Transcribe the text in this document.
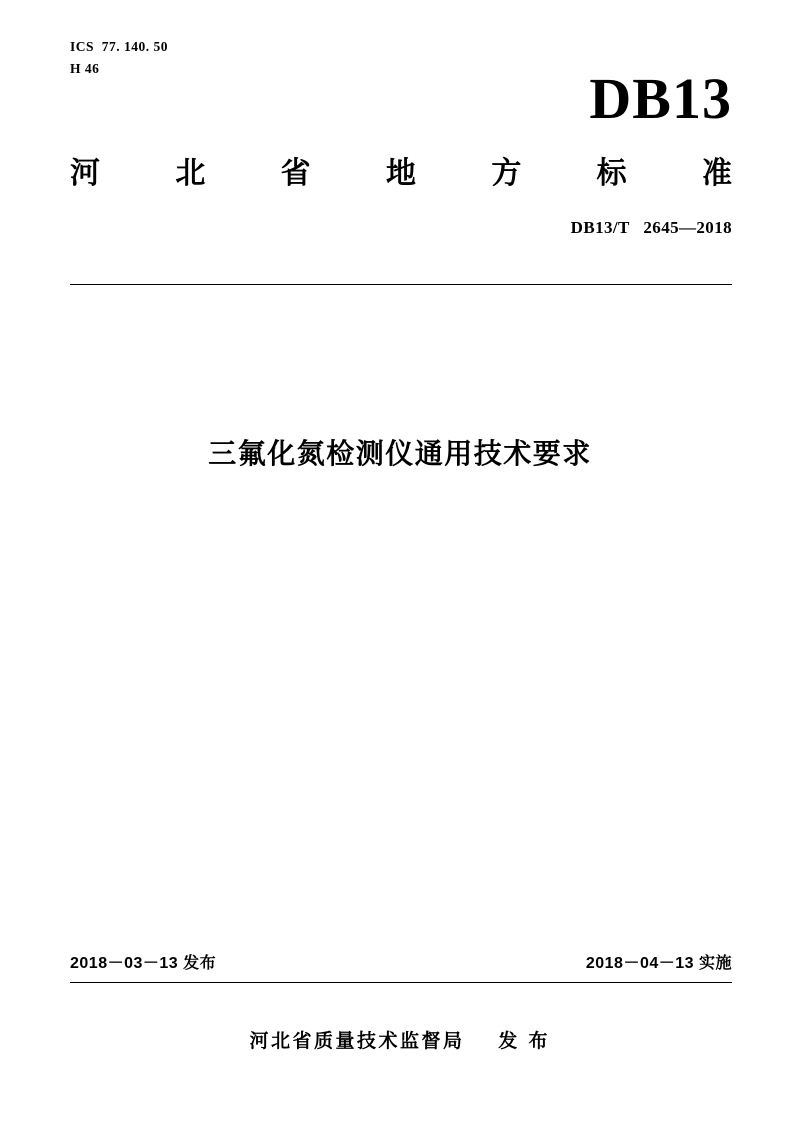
ICS  77. 140. 50
H 46	DB13
河	北	省	地	方	标	准
DB13/T   2645—2018
三氟化氮检测仪通用技术要求
2018－03－13 发布	2018－04－13 实施
河北省质量技术监督局 发 布
